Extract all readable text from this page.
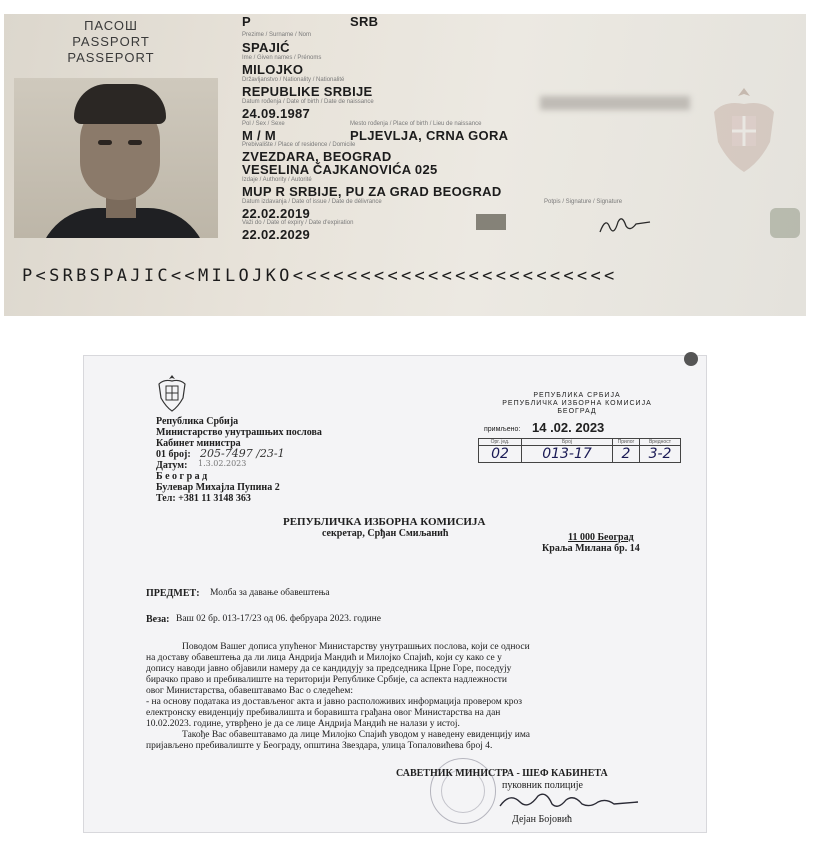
ПАСОШ
PASSPORT
PASSEPORT
P	SRB
Prezime / Surname / Nom
SPAJIĆ
Ime / Given names / Prénoms
MILOJKO
Državljanstvo / Nationality / Nationalité
REPUBLIKE SRBIJE
Datum rođenja / Date of birth / Date de naissance
24.09.1987
Pol / Sex / Sexe	Mesto rođenja / Place of birth / Lieu de naissance
M / M	PLJEVLJA, CRNA GORA
Prebivalište / Place of residence / Domicile
ZVEZDARA, BEOGRAD
VESELINA ČAJKANOVIĆA 025
Izdaje / Authority / Autorité
MUP R SRBIJE, PU ZA GRAD BEOGRAD
Datum izdavanja / Date of issue / Date de délivrance	Potpis / Signature / Signature
22.02.2019
Važi do / Date of expiry / Date d'expiration
22.02.2029
P<SRBSPAJIC<<MILOJKO<<<<<<<<<<<<<<<<<<<<<<<<
Република Србија
Министарство унутрашњих послова
Кабинет министра
01 број: 205-7497 /23-1
Датум: 1.3.02.2023
Б е о г р а д
Булевар Михајла Пупина 2
Тел: +381 11 3148 363
РЕПУБЛИКА СРБИЈА
РЕПУБЛИЧКА ИЗБОРНА КОМИСИЈА
БЕОГРАД
примљено: 14 .02. 2023
Орг. јед.	Број	Прилог	Вредност
02	013-17	2	3-2
РЕПУБЛИЧКА ИЗБОРНА КОМИСИЈА
секретар, Срђан Смиљанић	11 000 Београд
Краља Милана бр. 14
ПРЕДМЕТ: Молба за давање обавештења
Веза: Ваш 02 бр. 013-17/23 од 06. фебруара 2023. године
Поводом Вашег дописа упућеног Министарству унутрашњих послова, који се односи
на доставу обавештења да ли лица Андрија Мандић и Милојко Спајић, који су како се у
допису наводи јавно објавили намеру да се кандидују за председника Црне Горе, поседују
бирачко право и пребивалиште на територији Републике Србије, са аспекта надлежности
овог Министарства, обавештавамо Вас о следећем:
- на основу података из достављеног акта и јавно расположивих информација провером кроз
електронску евиденцију пребивалишта и боравишта грађана овог Министарства на дан
10.02.2023. године, утврђено је да се лице Андрија Мандић не налази у истој.
Такође Вас обавештавамо да лице Милојко Спајић уводом у наведену евиденцију има
пријављено пребивалиште у Београду, општина Звездара, улица Топаловићева број 4.
САВЕТНИК МИНИСТРА - ШЕФ КАБИНЕТА
пуковник полиције
Дејан Бојовић
